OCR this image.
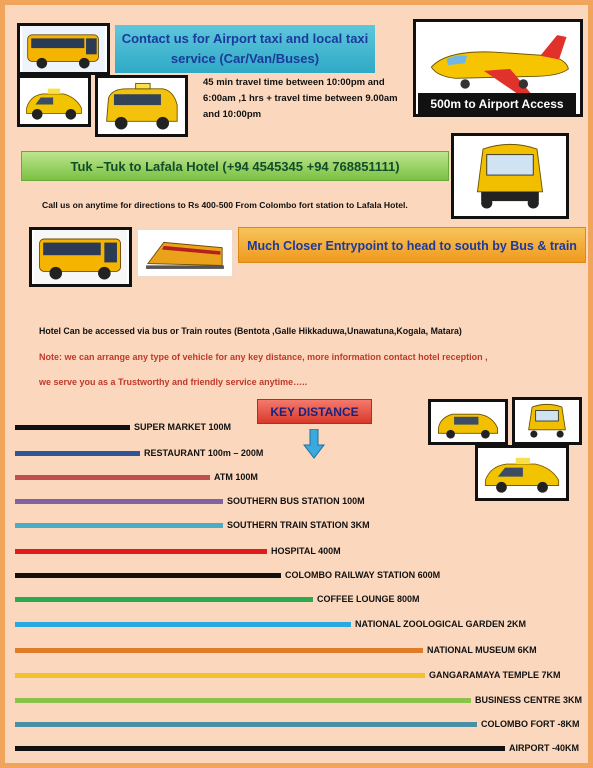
Contact us for Airport taxi and local taxi
service (Car/Van/Buses)
45 min travel time between 10:00pm and
6:00am ,1 hrs + travel time between 9.00am
and 10:00pm
500m to Airport Access
Tuk –Tuk to Lafala Hotel (+94 4545345 +94 768851111)
Call us on anytime for directions to Rs 400-500 From Colombo fort station to Lafala Hotel.
Much Closer Entrypoint to head to south by Bus & train
Hotel Can be accessed via bus or Train routes (Bentota ,Galle Hikkaduwa,Unawatuna,Kogala, Matara)
Note: we can arrange any type of vehicle for any key distance, more information contact hotel reception ,
we serve you as a Trustworthy and friendly service anytime…..
KEY DISTANCE
SUPER MARKET 100M
RESTAURANT 100m – 200M
ATM 100M
SOUTHERN BUS STATION 100M
SOUTHERN TRAIN STATION 3KM
HOSPITAL 400M
COLOMBO RAILWAY STATION 600M
COFFEE LOUNGE 800M
NATIONAL ZOOLOGICAL GARDEN 2KM
NATIONAL MUSEUM 6KM
GANGARAMAYA TEMPLE 7KM
BUSINESS CENTRE 3KM
COLOMBO FORT -8KM
AIRPORT -40KM
